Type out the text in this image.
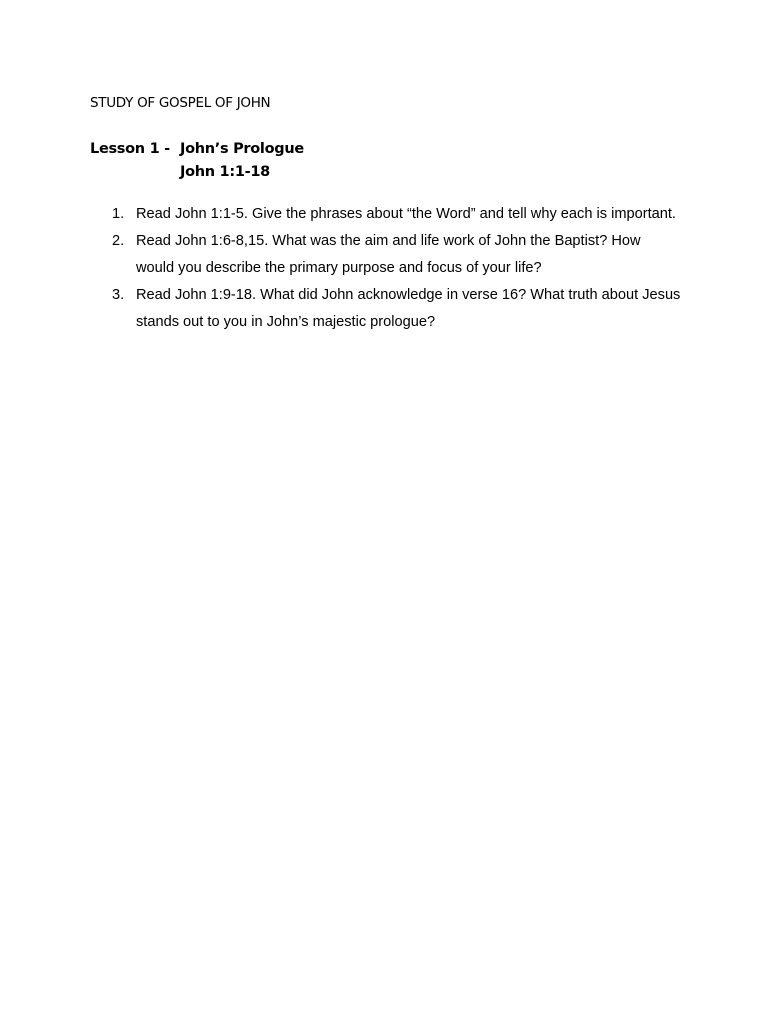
STUDY OF GOSPEL OF JOHN
Lesson 1 - John’s Prologue
John 1:1-18
1. Read John 1:1-5. Give the phrases about “the Word” and tell why each is important.
2. Read John 1:6-8,15. What was the aim and life work of John the Baptist? How would you describe the primary purpose and focus of your life?
3. Read John 1:9-18. What did John acknowledge in verse 16? What truth about Jesus stands out to you in John’s majestic prologue?
